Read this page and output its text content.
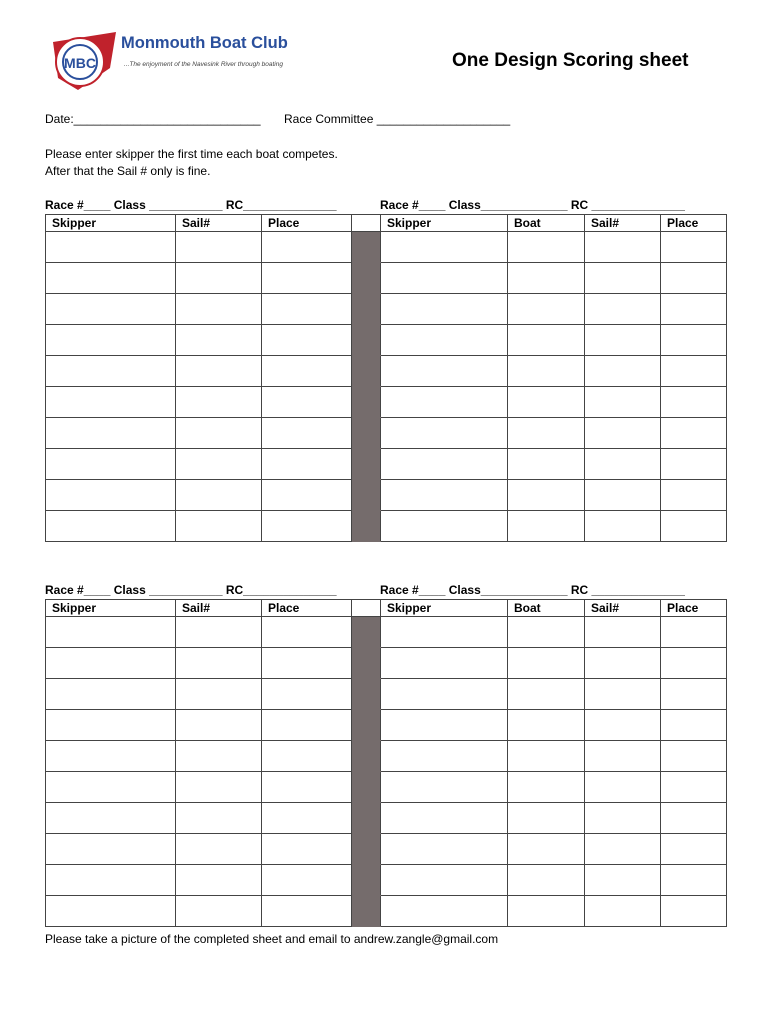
MBC
Monmouth Boat Club
...The enjoyment of the Navesink River through boating	One Design Scoring sheet
Date:____________________________ Race Committee ____________________
Please enter skipper the first time each boat competes.
After that the Sail # only is fine.
Race #____ Class ___________ RC______________	Race #____ Class_____________ RC ______________
Skipper	Sail#	Place		Skipper	Boat	Sail#	Place

Race #____ Class ___________ RC______________	Race #____ Class_____________ RC ______________
Skipper	Sail#	Place		Skipper	Boat	Sail#	Place

Please take a picture of the completed sheet and email to andrew.zangle@gmail.com
